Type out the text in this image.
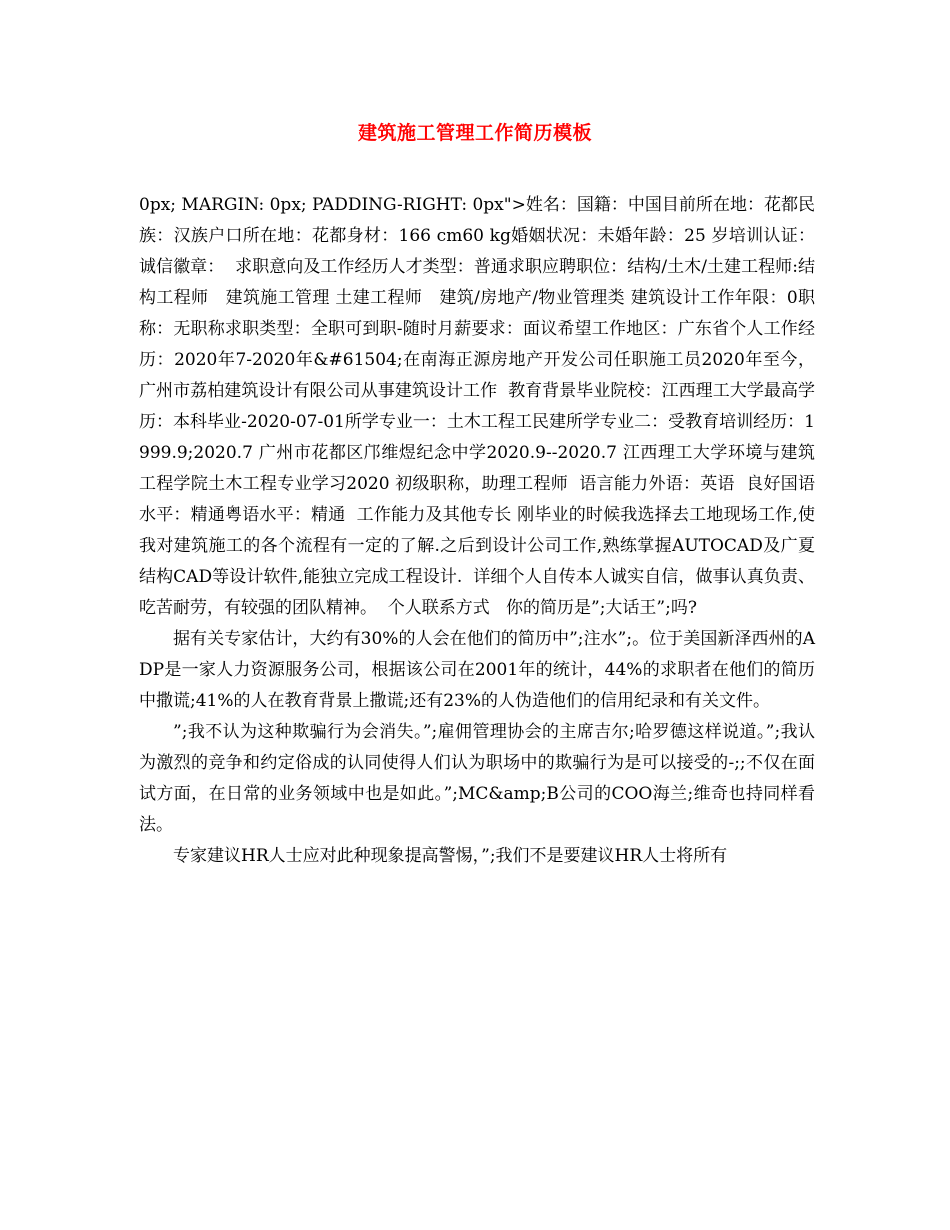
建筑施工管理工作简历模板

0px; MARGIN: 0px; PADDING-RIGHT: 0px">姓名：国籍：中国目前所在地：花都民族：汉族户口所在地：花都身材：166 cm60 kg婚姻状况：未婚年龄：25 岁培训认证：诚信徽章：  求职意向及工作经历人才类型：普通求职应聘职位：结构/土木/土建工程师:结构工程师   建筑施工管理 土建工程师   建筑/房地产/物业管理类 建筑设计工作年限：0职称：无职称求职类型：全职可到职-随时月薪要求：面议希望工作地区：广东省个人工作经历：2020年7-2020年&#61504;在南海正源房地产开发公司任职施工员2020年至今，广州市荔柏建筑设计有限公司从事建筑设计工作  教育背景毕业院校：江西理工大学最高学历：本科毕业-2020-07-01所学专业一：土木工程工民建所学专业二：受教育培训经历：1999.9;2020.7 广州市花都区邝维煜纪念中学2020.9--2020.7 江西理工大学环境与建筑工程学院土木工程专业学习2020 初级职称，助理工程师  语言能力外语：英语  良好国语水平：精通粤语水平：精通  工作能力及其他专长 刚毕业的时候我选择去工地现场工作,使我对建筑施工的各个流程有一定的了解.之后到设计公司工作,熟练掌握AUTOCAD及广夏结构CAD等设计软件,能独立完成工程设计.  详细个人自传本人诚实自信，做事认真负责、吃苦耐劳，有较强的团队精神。  个人联系方式   你的简历是”;大话王”;吗?

据有关专家估计，大约有30%的人会在他们的简历中”;注水”;。位于美国新泽西州的ADP是一家人力资源服务公司，根据该公司在2001年的统计，44%的求职者在他们的简历中撒谎;41%的人在教育背景上撒谎;还有23%的人伪造他们的信用纪录和有关文件。

”;我不认为这种欺骗行为会消失。”;雇佣管理协会的主席吉尔;哈罗德这样说道。”;我认为激烈的竞争和约定俗成的认同使得人们认为职场中的欺骗行为是可以接受的-;;不仅在面试方面，在日常的业务领域中也是如此。”;MC&amp;B公司的COO海兰;维奇也持同样看法。

专家建议HR人士应对此种现象提高警惕，”;我们不是要建议HR人士将所有
